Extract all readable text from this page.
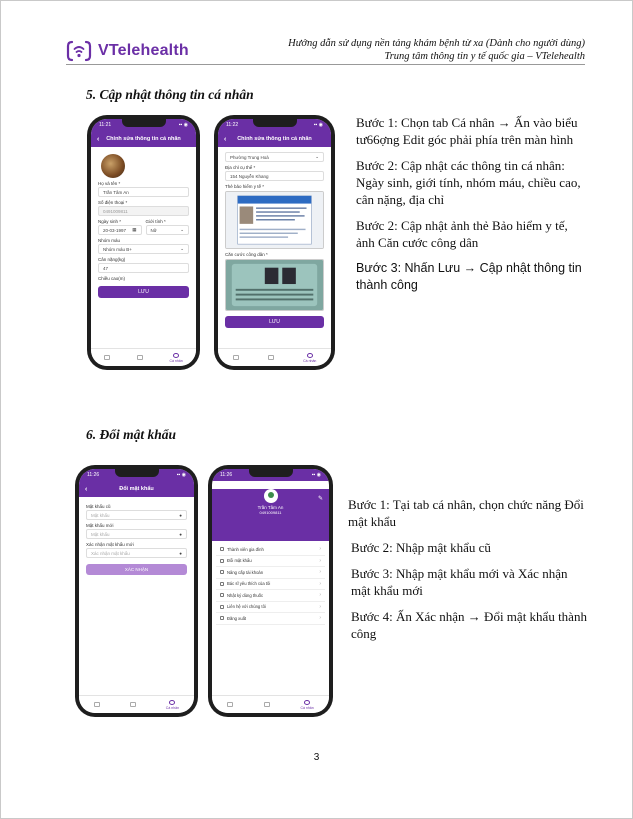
VTelehealth	Hướng dẫn sử dụng nền tảng khám bệnh từ xa (Dành cho người dùng)
Trung tâm thông tin y tế quốc gia – VTelehealth
5. Cập nhật thông tin cá nhân
11:21	▪▪ ◉
‹ Chỉnh sửa thông tin cá nhân
Họ và tên *
Trần Tâm An
Số điện thoại *
0491009811
Ngày sinh *
20-03-1997 ▦
Giới tính *
Nữ	⌄
Nhóm máu
Nhóm máu B+	⌄
Cân nặng(kg)
47
Chiều cao(m)
LƯU
Cá nhân
11:22	▪▪ ◉
‹ Chỉnh sửa thông tin cá nhân
Phường Trung Hoà	⌄
Địa chỉ cụ thể *
154 Nguyễn Khang
Thẻ bảo hiểm y tế *
Căn cước công dân *
LƯU
Cá nhân

Bước 1: Chọn tab Cá nhân → Ấn vào biểu tư66ợng Edit góc phải phía trên màn hình

Bước 2: Cập nhật các thông tin cá nhân: Ngày sinh, giới tính, nhóm máu, chiều cao, cân nặng, địa chỉ

Bước 2: Cập nhật ảnh thẻ Bảo hiểm y tế, ảnh Căn cước công dân

Bước 3: Nhấn Lưu → Cập nhật thông tin thành công

6. Đổi mật khẩu
11:26	▪▪ ◉
‹	Đổi mật khẩu
Mật khẩu cũ
Mật khẩu	●
Mật khẩu mới
Mật khẩu	●
Xác nhận mật khẩu mới
Xác nhận mật khẩu	●
XÁC NHẬN
Cá nhân
11:26	▪▪ ◉
Trần Tâm An
0491009811
✎
Thành viên gia đình	›
Đổi mật khẩu	›
Nâng cấp tài khoản	›
Bác sĩ yêu thích của tôi	›
Nhật ký dùng thuốc	›
Liên hệ với chúng tôi	›
Đăng xuất	›
Cá nhân

Bước 1: Tại tab cá nhân, chọn chức năng Đổi mật khẩu

Bước 2: Nhập mật khẩu cũ

Bước 3: Nhập mật khẩu mới và Xác nhận mật khẩu mới

Bước 4: Ấn Xác nhận → Đổi mật khẩu thành công

3
